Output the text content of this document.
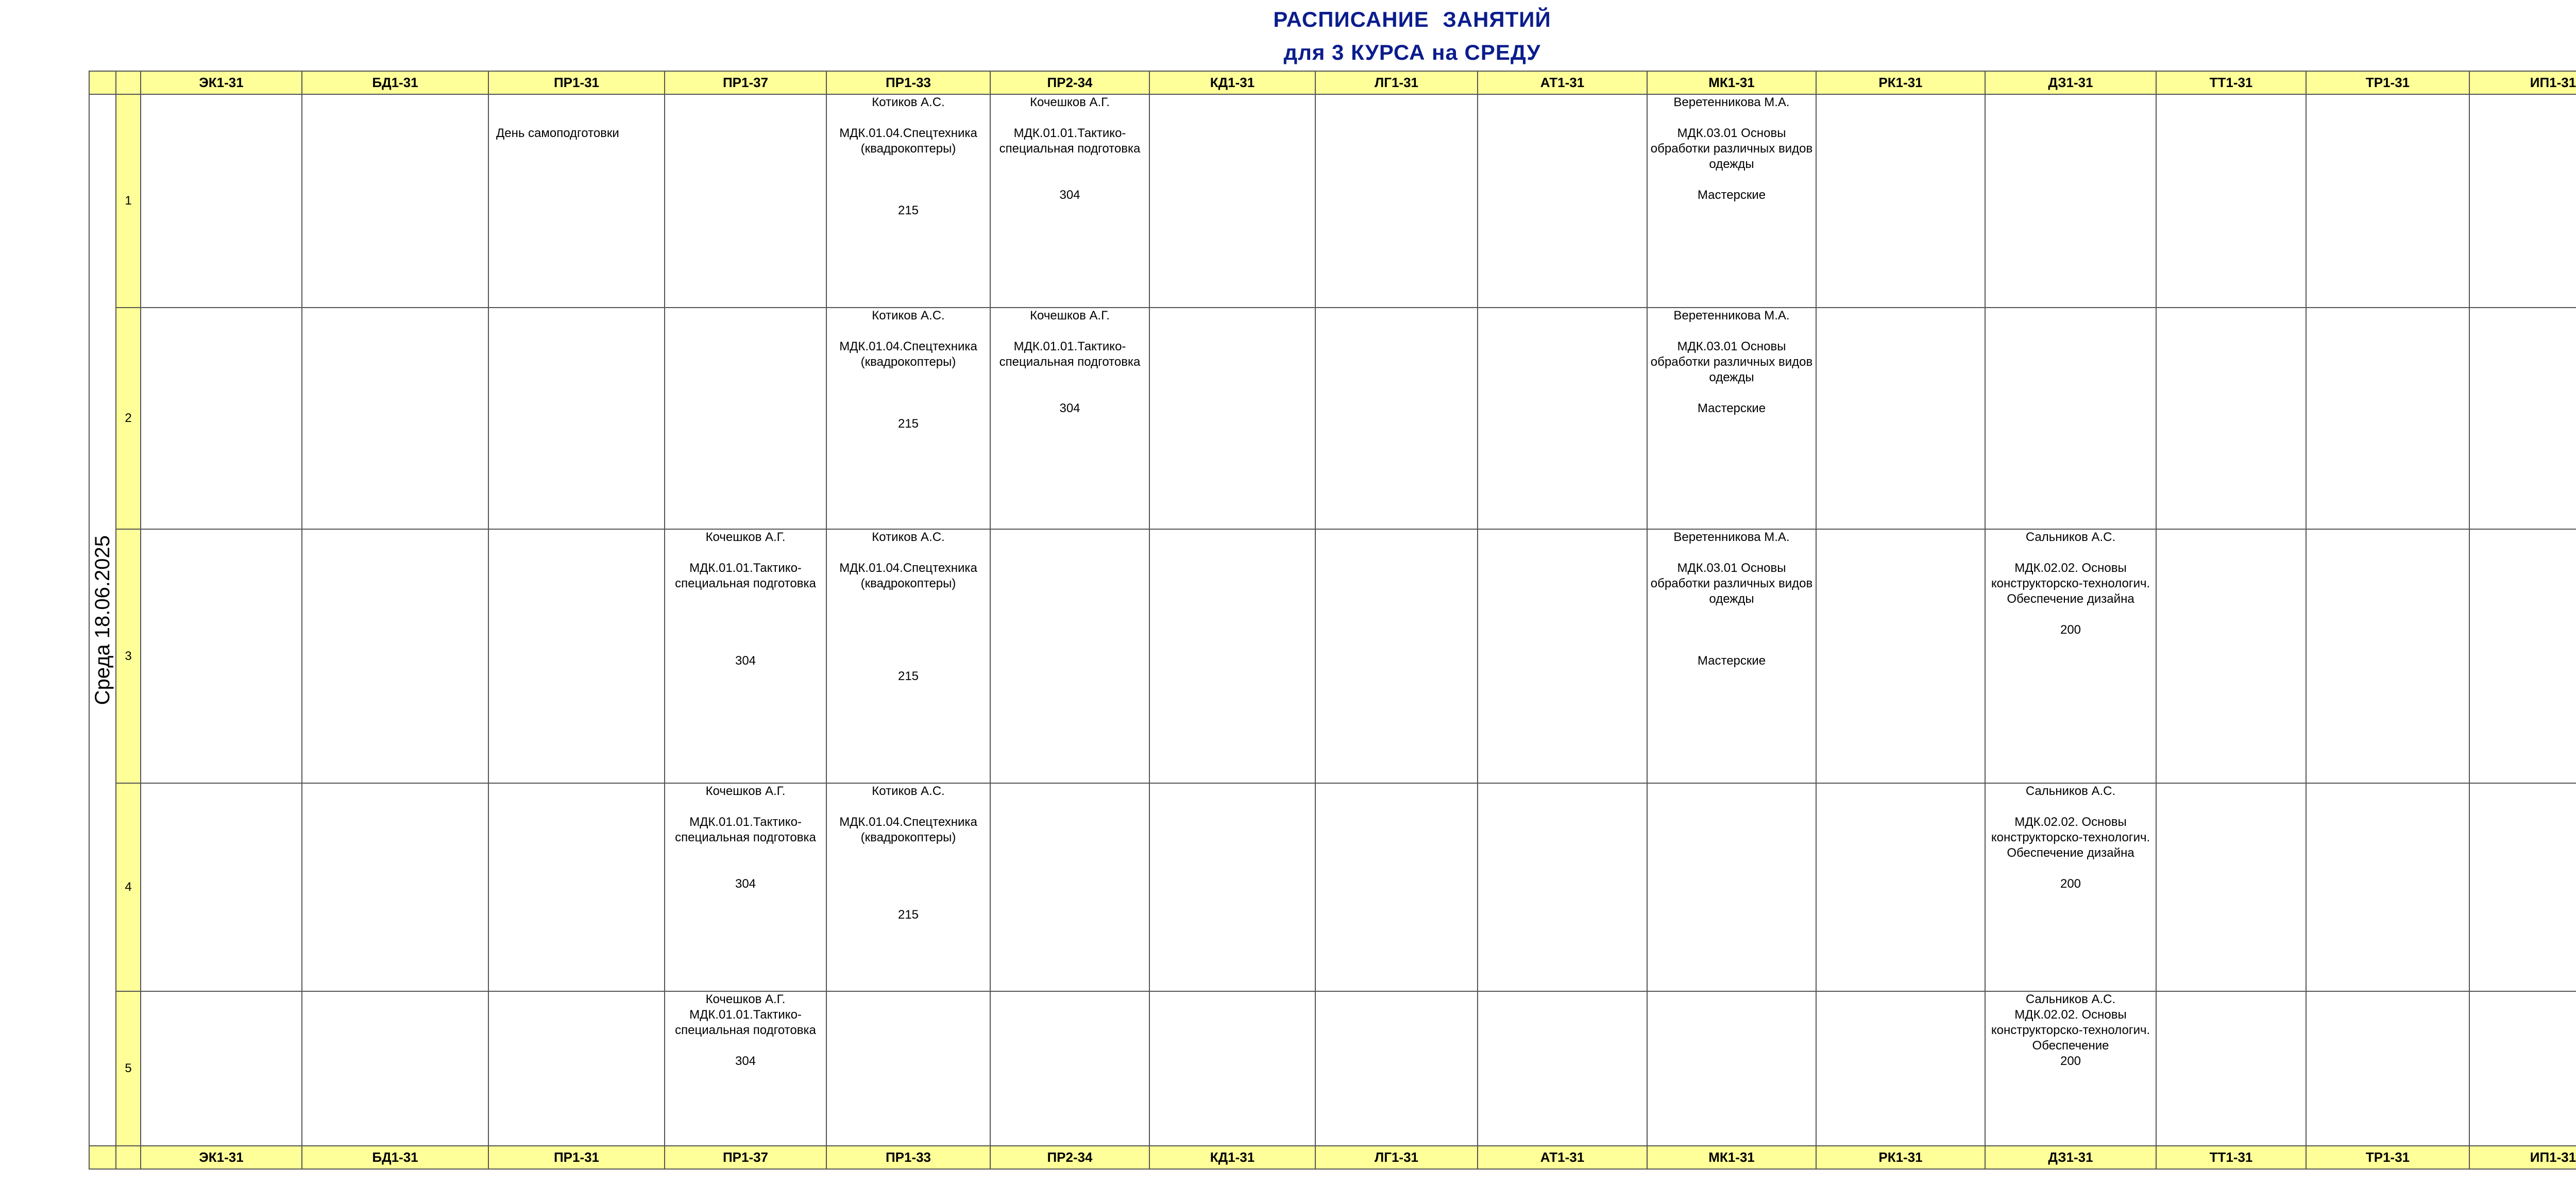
РАСПИСАНИЕ ЗАНЯТИЙ
для 3 КУРСА на СРЕДУ
		ЭК1-31	БД1-31	ПР1-31	ПР1-37	ПР1-33	ПР2-34	КД1-31	ЛГ1-31	АТ1-31	МК1-31	РК1-31	ДЗ1-31	ТТ1-31	ТР1-31	ИП1-31	

Среда 18.06.2025	1			День самоподготовки		Котиков А.С.
МДК.01.04.Спецтехника (квадрокоптеры)
215	Кочешков А.Г.
МДК.01.01.Тактико-специальная подготовка
304				Веретенникова М.А.
МДК.03.01 Основы обработки различных видов одежды
Мастерские						

	2					Котиков А.С.
МДК.01.04.Спецтехника (квадрокоптеры)
215	Кочешков А.Г.
МДК.01.01.Тактико-специальная подготовка
304				Веретенникова М.А.
МДК.03.01 Основы обработки различных видов одежды
Мастерские

	3				Кочешков А.Г.
МДК.01.01.Тактико-специальная подготовка
304	Котиков А.С.
МДК.01.04.Спецтехника (квадрокоптеры)
215					Веретенникова М.А.
МДК.03.01 Основы обработки различных видов одежды
Мастерские		Сальников А.С.
МДК.02.02. Основы конструкторско-технологич. Обеспечение дизайна
200				

	4				Кочешков А.Г.
МДК.01.01.Тактико-специальная подготовка
304	Котиков А.С.
МДК.01.04.Спецтехника (квадрокоптеры)
215							Сальников А.С.
МДК.02.02. Основы конструкторско-технологич. Обеспечение дизайна
200				

	5				Кочешков А.Г.
МДК.01.01.Тактико-специальная подготовка
304								Сальников А.С.
МДК.02.02. Основы конструкторско-технологич. Обеспечение
200				

		ЭК1-31	БД1-31	ПР1-31	ПР1-37	ПР1-33	ПР2-34	КД1-31	ЛГ1-31	АТ1-31	МК1-31	РК1-31	ДЗ1-31	ТТ1-31	ТР1-31	ИП1-31	
